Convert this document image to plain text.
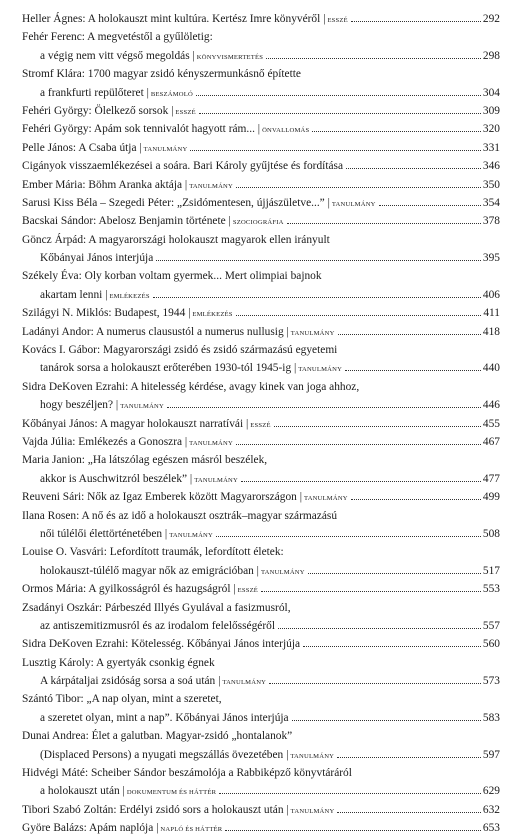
Heller Ágnes: A holokauszt mint kultúra. Kertész Imre könyvéről | ESSZÉ	292
Fehér Ferenc: A megvetéstől a gyűlöletig:
a végig nem vitt végső megoldás | KÖNYVISMERTETÉS	298
Stromf Klára: 1700 magyar zsidó kényszermunkásnő építette
a frankfurti repülőteret | BESZÁMOLÓ	304
Fehéri György: Ölelkező sorsok | ESSZÉ	309
Fehéri György: Apám sok tennivalót hagyott rám... | ÖNVALLOMÁS	320
Pelle János: A Csaba útja | TANULMÁNY	331
Cigányok visszaemlékezései a soára. Bari Károly gyűjtése és fordítása	346
Ember Mária: Böhm Aranka aktája | TANULMÁNY	350
Sarusi Kiss Béla – Szegedi Péter: „Zsidómentesen, újjászületve...” | TANULMÁNY	354
Bacskai Sándor: Abelosz Benjamin története | SZOCIOGRÁFIA	378
Göncz Árpád: A magyarországi holokauszt magyarok ellen irányult
Kőbányai János interjúja	395
Székely Éva: Oly korban voltam gyermek... Mert olimpiai bajnok
akartam lenni | EMLÉKEZÉS	406
Szilágyi N. Miklós: Budapest, 1944 | EMLÉKEZÉS	411
Ladányi Andor: A numerus clausustól a numerus nullusig | TANULMÁNY	418
Kovács I. Gábor: Magyarországi zsidó és zsidó származású egyetemi
tanárok sorsa a holokauszt erőterében 1930-tól 1945-ig | TANULMÁNY	440
Sidra DeKoven Ezrahi: A hitelesség kérdése, avagy kinek van joga ahhoz,
hogy beszéljen? | TANULMÁNY	446
Kőbányai János: A magyar holokauszt narratívái | ESSZÉ	455
Vajda Júlia: Emlékezés a Gonoszra | TANULMÁNY	467
Maria Janion: „Ha látszólag egészen másról beszélek,
akkor is Auschwitzról beszélek” | TANULMÁNY	477
Reuveni Sári: Nők az Igaz Emberek között Magyarországon | TANULMÁNY	499
Ilana Rosen: A nő és az idő a holokauszt osztrák–magyar származású
női túlélői élettörténetében | TANULMÁNY	508
Louise O. Vasvári: Lefordított traumák, lefordított életek:
holokauszt-túlélő magyar nők az emigrációban | TANULMÁNY	517
Ormos Mária: A gyilkosságról és hazugságról | ESSZÉ	553
Zsadányi Oszkár: Párbeszéd Illyés Gyulával a fasizmusról,
az antiszemitizmusról és az irodalom felelősségéről	557
Sidra DeKoven Ezrahi: Kötelesség. Kőbányai János interjúja	560
Lusztig Károly: A gyertyák csonkig égnek
A kárpátaljai zsidóság sorsa a soá után | TANULMÁNY	573
Szántó Tibor: „A nap olyan, mint a szeretet,
a szeretet olyan, mint a nap”. Kőbányai János interjúja	583
Dunai Andrea: Élet a galutban. Magyar-zsidó „hontalanok”
(Displaced Persons) a nyugati megszállás övezetében | TANULMÁNY	597
Hidvégi Máté: Scheiber Sándor beszámolója a Rabbiképző könyvtáráról
a holokauszt után | DOKUMENTUM ÉS HÁTTÉR	629
Tibori Szabó Zoltán: Erdélyi zsidó sors a holokauszt után | TANULMÁNY	632
Györe Balázs: Apám naplója | NAPLÓ ÉS HÁTTÉR	653
